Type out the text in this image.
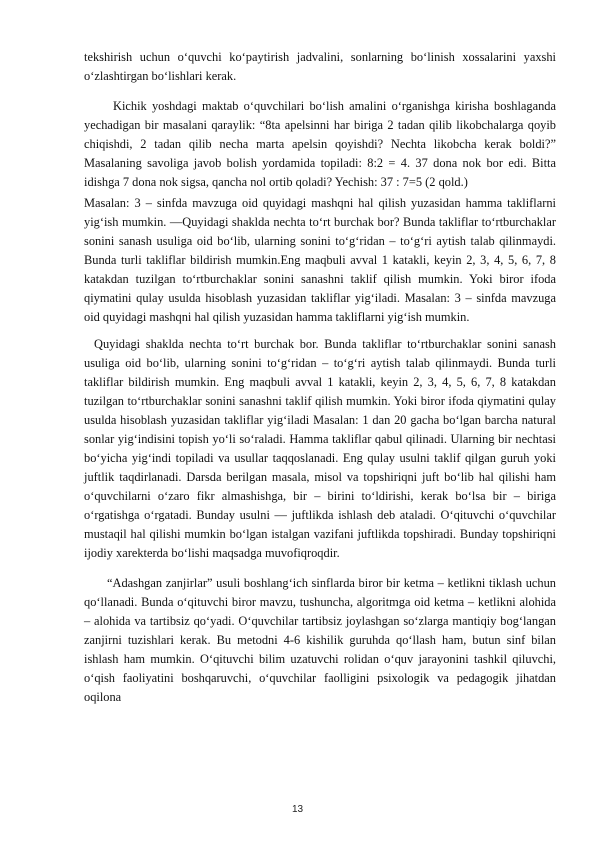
tekshirish uchun o‘quvchi ko‘paytirish jadvalini, sonlarning bo‘linish xossalarini yaxshi o‘zlashtirgan bo‘lishlari kerak.

Kichik yoshdagi maktab o‘quvchilari bo‘lish amalini o‘rganishga kirisha boshlaganda yechadigan bir masalani qaraylik: “8ta apelsinni har biriga 2 tadan qilib likobchalarga qoyib chiqishdi, 2 tadan qilib necha marta apelsin qoyishdi? Nechta likobcha kerak boldi?” Masalaning savoliga javob bolish yordamida topiladi: 8:2 = 4. 37 dona nok bor edi. Bitta idishga 7 dona nok sigsa, qancha nol ortib qoladi? Yechish: 37 : 7=5 (2 qold.)

Masalan: 3 – sinfda mavzuga oid quyidagi mashqni hal qilish yuzasidan hamma takliflarni yig‘ish mumkin. —Quyidagi shaklda nechta to‘rt burchak bor? Bunda takliflar to‘rtburchaklar sonini sanash usuliga oid bo‘lib, ularning sonini to‘g‘ridan – to‘g‘ri aytish talab qilinmaydi. Bunda turli takliflar bildirish mumkin.Eng maqbuli avval 1 katakli, keyin 2, 3, 4, 5, 6, 7, 8 katakdan tuzilgan to‘rtburchaklar sonini sanashni taklif qilish mumkin. Yoki biror ifoda qiymatini qulay usulda hisoblash yuzasidan takliflar yig‘iladi. Masalan: 3 – sinfda mavzuga oid quyidagi mashqni hal qilish yuzasidan hamma takliflarni yig‘ish mumkin.

Quyidagi shaklda nechta to‘rt burchak bor. Bunda takliflar to‘rtburchaklar sonini sanash usuliga oid bo‘lib, ularning sonini to‘g‘ridan – to‘g‘ri aytish talab qilinmaydi. Bunda turli takliflar bildirish mumkin. Eng maqbuli avval 1 katakli, keyin 2, 3, 4, 5, 6, 7, 8 katakdan tuzilgan to‘rtburchaklar sonini sanashni taklif qilish mumkin. Yoki biror ifoda qiymatini qulay usulda hisoblash yuzasidan takliflar yig‘iladi Masalan: 1 dan 20 gacha bo‘lgan barcha natural sonlar yig‘indisini topish yo‘li so‘raladi. Hamma takliflar qabul qilinadi. Ularning bir nechtasi bo‘yicha yig‘indi topiladi va usullar taqqoslanadi. Eng qulay usulni taklif qilgan guruh yoki juftlik taqdirlanadi. Darsda berilgan masala, misol va topshiriqni juft bo‘lib hal qilishi ham o‘quvchilarni o‘zaro fikr almashishga, bir – birini to‘ldirishi, kerak bo‘lsa bir – biriga o‘rgatishga o‘rgatadi. Bunday usulni — juftlikda ishlash deb ataladi. O‘qituvchi o‘quvchilar mustaqil hal qilishi mumkin bo‘lgan istalgan vazifani juftlikda topshiradi. Bunday topshiriqni ijodiy xarekterda bo‘lishi maqsadga muvofiqroqdir.

“Adashgan zanjirlar” usuli boshlang‘ich sinflarda biror bir ketma – ketlikni tiklash uchun qo‘llanadi. Bunda o‘qituvchi biror mavzu, tushuncha, algoritmga oid ketma – ketlikni alohida – alohida va tartibsiz qo‘yadi. O‘quvchilar tartibsiz joylashgan so‘zlarga mantiqiy bog‘langan zanjirni tuzishlari kerak. Bu metodni 4-6 kishilik guruhda qo‘llash ham, butun sinf bilan ishlash ham mumkin. O‘qituvchi bilim uzatuvchi rolidan o‘quv jarayonini tashkil qiluvchi, o‘qish faoliyatini boshqaruvchi, o‘quvchilar faolligini psixologik va pedagogik jihatdan oqilona

13
